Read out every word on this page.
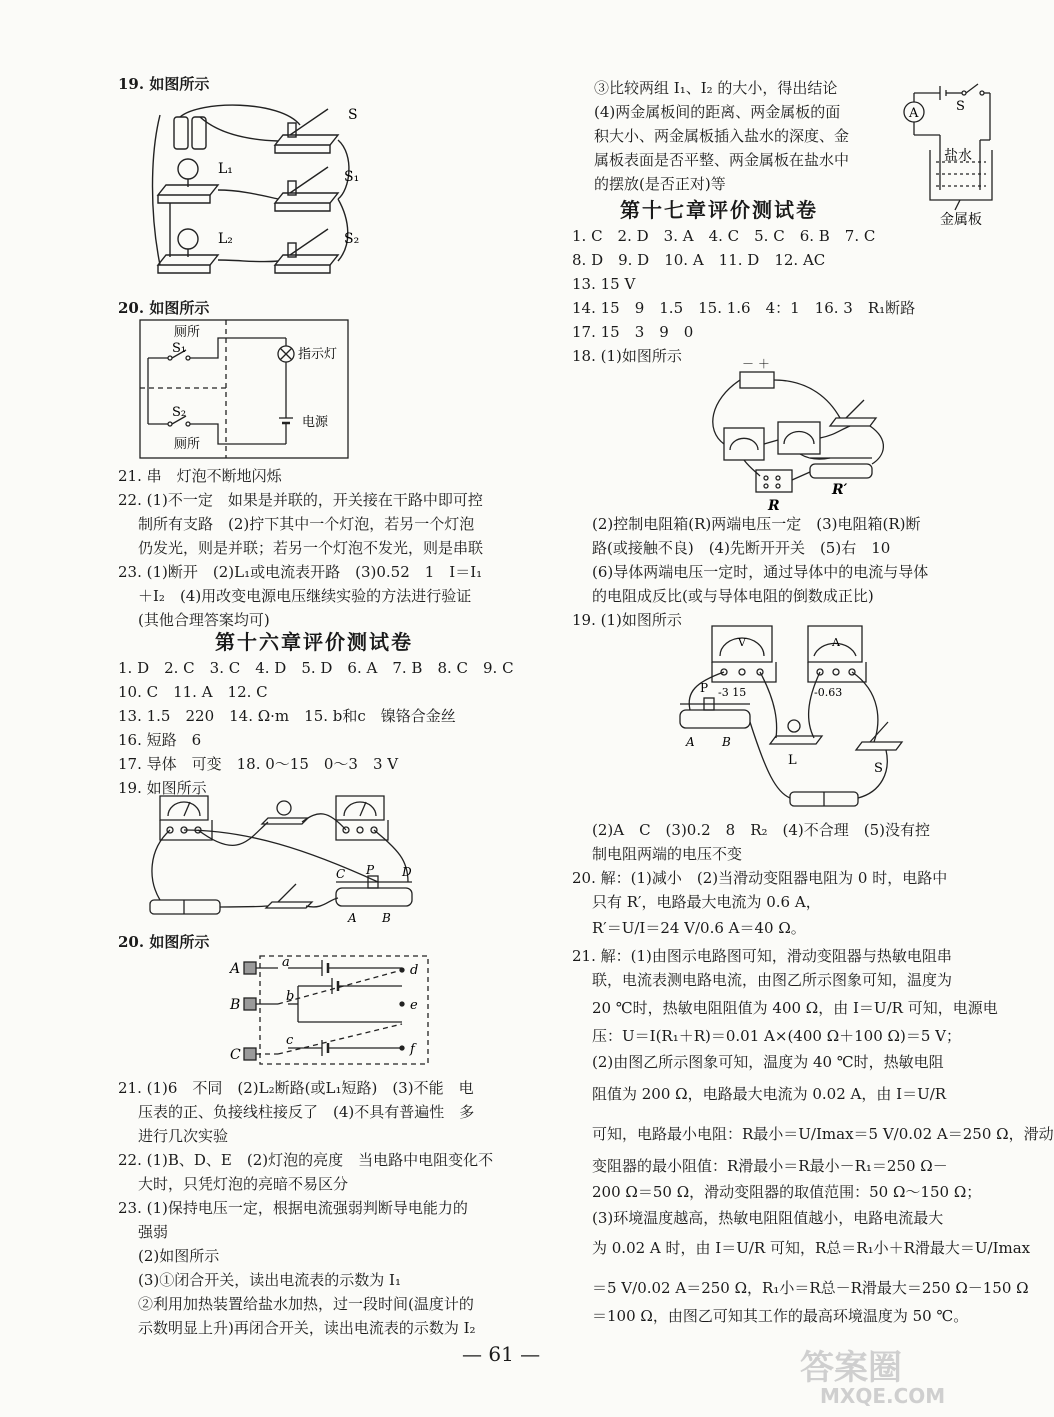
19. 如图所示
S
L₁	S₁
L₂	S₂
20. 如图所示
厕所
S₁	指示灯
S₂
电源
厕所
21. 串　灯泡不断地闪烁
22. (1)不一定　如果是并联的，开关接在干路中即可控
制所有支路　(2)拧下其中一个灯泡，若另一个灯泡
仍发光，则是并联；若另一个灯泡不发光，则是串联
23. (1)断开　(2)L₁或电流表开路　(3)0.52　1　I＝I₁
＋I₂　(4)用改变电源电压继续实验的方法进行验证
(其他合理答案均可)
第十六章评价测试卷
1. D　2. C　3. C　4. D　5. D　6. A　7. B　8. C　9. C
10. C　11. A　12. C
13. 1.5　220　14. Ω·m　15. b和c　镍铬合金丝
16. 短路　6
17. 导体　可变　18. 0～15　0～3　3 V
19. 如图所示
C P D
A B
20. 如图所示
A
B
C
a
b
c
d
e
f
21. (1)6　不同　(2)L₂断路(或L₁短路)　(3)不能　电
压表的正、负接线柱接反了　(4)不具有普遍性　多
进行几次实验
22. (1)B、D、E　(2)灯泡的亮度　当电路中电阻变化不
大时，只凭灯泡的亮暗不易区分
23. (1)保持电压一定，根据电流强弱判断导电能力的
强弱
(2)如图所示
(3)①闭合开关，读出电流表的示数为 I₁
②利用加热装置给盐水加热，过一段时间(温度计的
示数明显上升)再闭合开关，读出电流表的示数为 I₂
③比较两组 I₁、I₂ 的大小，得出结论
(4)两金属板间的距离、两金属板的面
积大小、两金属板插入盐水的深度、金
属板表面是否平整、两金属板在盐水中
的摆放(是否正对)等
A	S
盐水
金属板
第十七章评价测试卷
1. C　2. D　3. A　4. C　5. C　6. B　7. C
8. D　9. D　10. A　11. D　12. AC
13. 15 V
14. 15　9　1.5　15. 1.6　4：1　16. 3　R₁断路
17. 15　3　9　0
18. (1)如图所示	－ ＋
R
R′
(2)控制电阻箱(R)两端电压一定　(3)电阻箱(R)断
路(或接触不良)　(4)先断开开关　(5)右　10
(6)导体两端电压一定时，通过导体中的电流与导体
的电阻成反比(或与导体电阻的倒数成正比)
19. (1)如图所示
V	A
-3 15	-0.63
P
L
S
A B
(2)A　C　(3)0.2　8　R₂　(4)不合理　(5)没有控
制电阻两端的电压不变
20. 解：(1)减小　(2)当滑动变阻器电阻为 0 时，电路中
只有 R′，电路最大电流为 0.6 A，
R′＝U/I＝24 V/0.6 A＝40 Ω。
21. 解：(1)由图示电路图可知，滑动变阻器与热敏电阻串
联，电流表测电路电流，由图乙所示图象可知，温度为
20 ℃时，热敏电阻阻值为 400 Ω，由 I＝U/R 可知，电源电
压：U＝I(R₁＋R)＝0.01 A×(400 Ω＋100 Ω)＝5 V；
(2)由图乙所示图象可知，温度为 40 ℃时，热敏电阻
阻值为 200 Ω，电路最大电流为 0.02 A，由 I＝U/R
可知，电路最小电阻：R最小＝U/Imax＝5 V/0.02 A＝250 Ω，滑动
变阻器的最小阻值：R滑最小＝R最小－R₁＝250 Ω－
200 Ω＝50 Ω，滑动变阻器的取值范围：50 Ω～150 Ω；
(3)环境温度越高，热敏电阻阻值越小，电路电流最大
为 0.02 A 时，由 I＝U/R 可知，R总＝R₁小＋R滑最大＝U/Imax
＝5 V/0.02 A＝250 Ω，R₁小＝R总－R滑最大＝250 Ω－150 Ω
＝100 Ω，由图乙可知其工作的最高环境温度为 50 ℃。
— 61 —	答案圈
MXQE.COM
